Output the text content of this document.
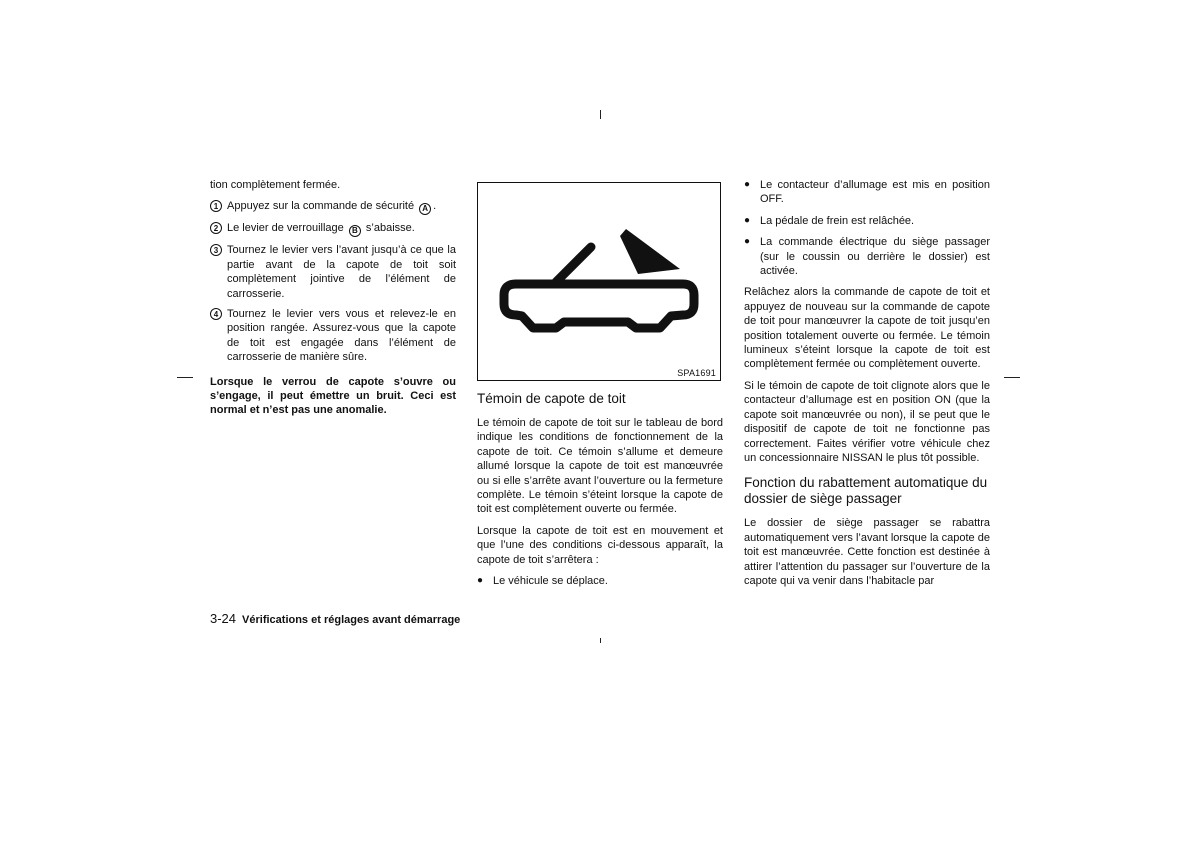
tion complètement fermée.

1 Appuyez sur la commande de sécurité A .
2 Le levier de verrouillage B s’abaisse.
3 Tournez le levier vers l’avant jusqu’à ce que la partie avant de la capote de toit soit complètement jointive de l’élément de carrosserie.
4 Tournez le levier vers vous et relevez-le en position rangée. Assurez-vous que la capote de toit est engagée dans l’élément de carrosserie de manière sûre.

Lorsque le verrou de capote s’ouvre ou s’engage, il peut émettre un bruit. Ceci est normal et n’est pas une anomalie.

SPA1691
Témoin de capote de toit

Le témoin de capote de toit sur le tableau de bord indique les conditions de fonctionnement de la capote de toit. Ce témoin s’allume et demeure allumé lorsque la capote de toit est manœuvrée ou si elle s’arrête avant l’ouverture ou la fermeture complète. Le témoin s’éteint lorsque la capote de toit est complètement ouverte ou fermée.

Lorsque la capote de toit est en mouvement et que l’une des conditions ci-dessous apparaît, la capote de toit s’arrêtera :

● Le véhicule se déplace.
● Le contacteur d’allumage est mis en position OFF.
● La pédale de frein est relâchée.
● La commande électrique du siège passager (sur le coussin ou derrière le dossier) est activée.

Relâchez alors la commande de capote de toit et appuyez de nouveau sur la commande de capote de toit pour manœuvrer la capote de toit jusqu’en position totalement ouverte ou fermée. Le témoin lumineux s’éteint lorsque la capote de toit est complètement fermée ou complètement ouverte.

Si le témoin de capote de toit clignote alors que le contacteur d’allumage est en position ON (que la capote soit manœuvrée ou non), il se peut que le dispositif de capote de toit ne fonctionne pas correctement. Faites vérifier votre véhicule chez un concessionnaire NISSAN le plus tôt possible.

Fonction du rabattement automatique du dossier de siège passager

Le dossier de siège passager se rabattra automatiquement vers l’avant lorsque la capote de toit est manœuvrée. Cette fonction est destinée à attirer l’attention du passager sur l’ouverture de la capote qui va venir dans l’habitacle par

3-24 Vérifications et réglages avant démarrage
